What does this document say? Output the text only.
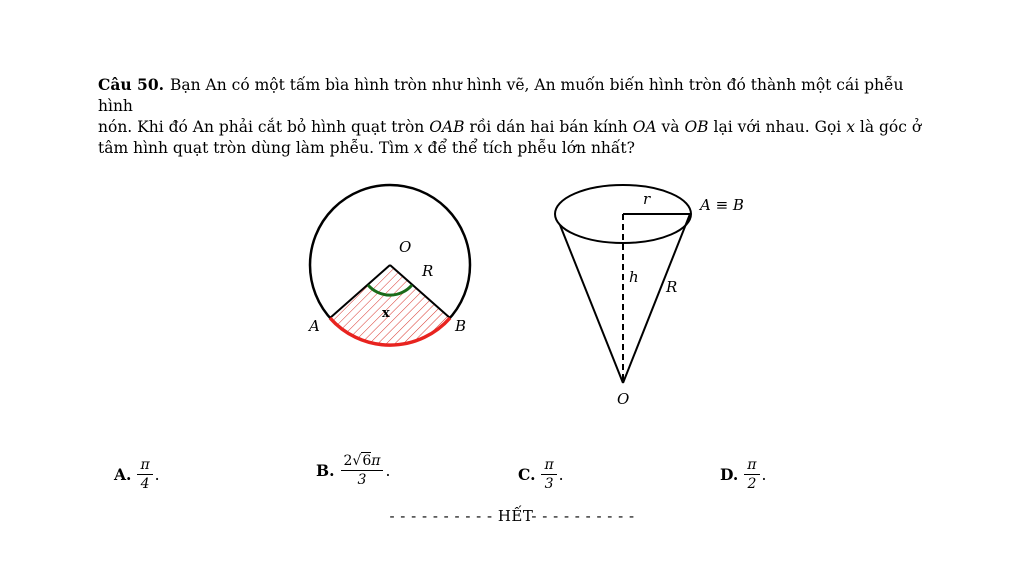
Câu 50. Bạn An có một tấm bìa hình tròn như hình vẽ, An muốn biến hình tròn đó thành một cái phễu hình
nón. Khi đó An phải cắt bỏ hình quạt tròn OAB rồi dán hai bán kính OA và OB lại với nhau. Gọi x là góc ở
tâm hình quạt tròn dùng làm phễu. Tìm x để thể tích phễu lớn nhất?
O
R
A	B
x
r	A ≡ B
h
R
O
A. $\frac{\pi}{4}$ .	B. $\frac{2√6\pi}{3}$ .	C. $\frac{\pi}{3}$ .	D. $\frac{\pi}{2}$ .
- - - - - - - - - - HẾT- - - - - - - - - -
